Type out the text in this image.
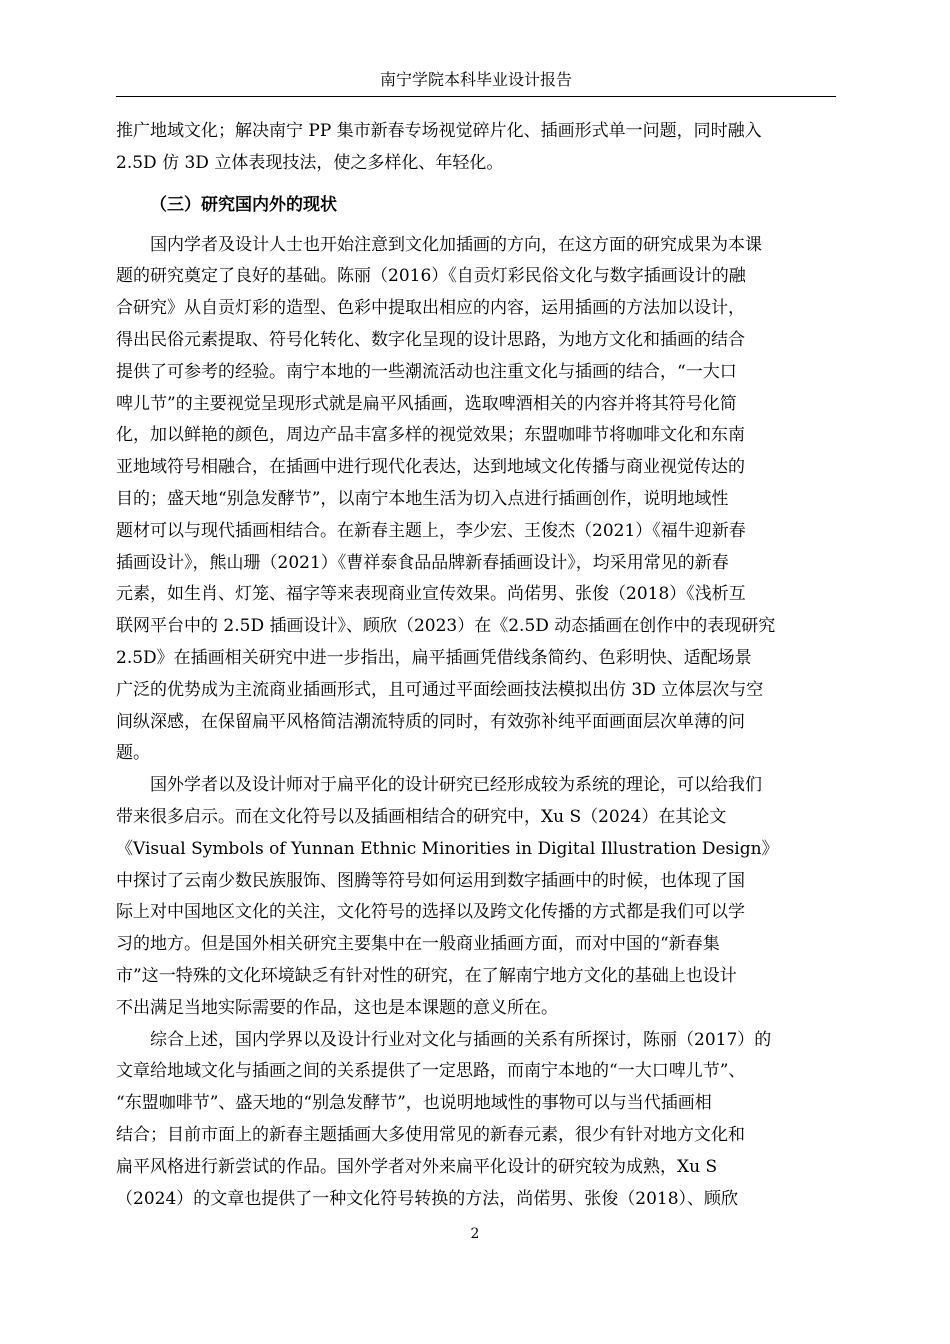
南宁学院本科毕业设计报告
推广地域文化；解决南宁 PP 集市新春专场视觉碎片化、插画形式单一问题，同时融入
2.5D 仿 3D 立体表现技法，使之多样化、年轻化。
（三）研究国内外的现状
　　国内学者及设计人士也开始注意到文化加插画的方向，在这方面的研究成果为本课
题的研究奠定了良好的基础。陈丽（2016）《自贡灯彩民俗文化与数字插画设计的融
合研究》从自贡灯彩的造型、色彩中提取出相应的内容，运用插画的方法加以设计，
得出民俗元素提取、符号化转化、数字化呈现的设计思路，为地方文化和插画的结合
提供了可参考的经验。南宁本地的一些潮流活动也注重文化与插画的结合，“一大口
啤儿节”的主要视觉呈现形式就是扁平风插画，选取啤酒相关的内容并将其符号化简
化，加以鲜艳的颜色，周边产品丰富多样的视觉效果；东盟咖啡节将咖啡文化和东南
亚地域符号相融合，在插画中进行现代化表达，达到地域文化传播与商业视觉传达的
目的；盛天地“别急发酵节”，以南宁本地生活为切入点进行插画创作，说明地域性
题材可以与现代插画相结合。在新春主题上，李少宏、王俊杰（2021）《福牛迎新春
插画设计》，熊山珊（2021）《曹祥泰食品品牌新春插画设计》，均采用常见的新春
元素，如生肖、灯笼、福字等来表现商业宣传效果。尚偌男、张俊（2018）《浅析互
联网平台中的 2.5D 插画设计》、顾欣（2023）在《2.5D 动态插画在创作中的表现研究
2.5D》在插画相关研究中进一步指出，扁平插画凭借线条简约、色彩明快、适配场景
广泛的优势成为主流商业插画形式，且可通过平面绘画技法模拟出仿 3D 立体层次与空
间纵深感，在保留扁平风格简洁潮流特质的同时，有效弥补纯平面画面层次单薄的问
题。
　　国外学者以及设计师对于扁平化的设计研究已经形成较为系统的理论，可以给我们
带来很多启示。而在文化符号以及插画相结合的研究中，Xu S（2024）在其论文
《Visual Symbols of Yunnan Ethnic Minorities in Digital Illustration Design》
中探讨了云南少数民族服饰、图腾等符号如何运用到数字插画中的时候，也体现了国
际上对中国地区文化的关注，文化符号的选择以及跨文化传播的方式都是我们可以学
习的地方。但是国外相关研究主要集中在一般商业插画方面，而对中国的“新春集
市”这一特殊的文化环境缺乏有针对性的研究，在了解南宁地方文化的基础上也设计
不出满足当地实际需要的作品，这也是本课题的意义所在。
　　综合上述，国内学界以及设计行业对文化与插画的关系有所探讨，陈丽（2017）的
文章给地域文化与插画之间的关系提供了一定思路，而南宁本地的“一大口啤儿节”、
“东盟咖啡节”、盛天地的“别急发酵节”，也说明地域性的事物可以与当代插画相
结合；目前市面上的新春主题插画大多使用常见的新春元素，很少有针对地方文化和
扁平风格进行新尝试的作品。国外学者对外来扁平化设计的研究较为成熟，Xu S
（2024）的文章也提供了一种文化符号转换的方法，尚偌男、张俊（2018）、顾欣
2
